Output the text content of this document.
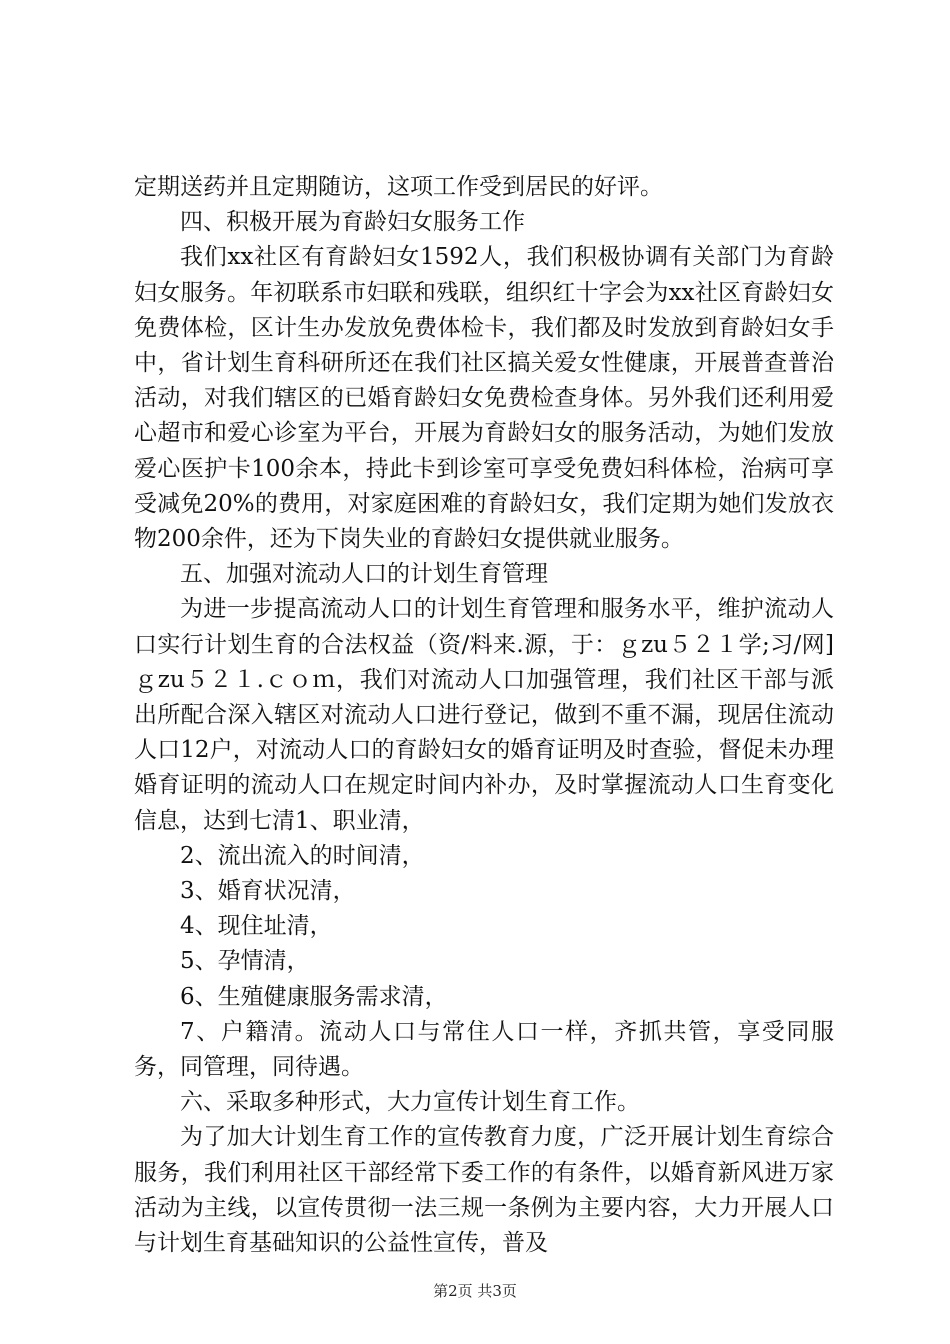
定期送药并且定期随访，这项工作受到居民的好评。

四、积极开展为育龄妇女服务工作

我们xx社区有育龄妇女1592人，我们积极协调有关部门为育龄妇女服务。年初联系市妇联和残联，组织红十字会为xx社区育龄妇女免费体检，区计生办发放免费体检卡，我们都及时发放到育龄妇女手中，省计划生育科研所还在我们社区搞关爱女性健康，开展普查普治活动，对我们辖区的已婚育龄妇女免费检查身体。另外我们还利用爱心超市和爱心诊室为平台，开展为育龄妇女的服务活动，为她们发放爱心医护卡100余本，持此卡到诊室可享受免费妇科体检，治病可享受减免20%的费用，对家庭困难的育龄妇女，我们定期为她们发放衣物200余件，还为下岗失业的育龄妇女提供就业服务。

五、加强对流动人口的计划生育管理

为进一步提高流动人口的计划生育管理和服务水平，维护流动人口实行计划生育的合法权益（资/料来.源，于：ｇzu５２１学;习/网]ｇzu５２１.ｃｏｍ，我们对流动人口加强管理，我们社区干部与派出所配合深入辖区对流动人口进行登记，做到不重不漏，现居住流动人口12户，对流动人口的育龄妇女的婚育证明及时查验，督促未办理婚育证明的流动人口在规定时间内补办，及时掌握流动人口生育变化信息，达到七清1、职业清，

2、流出流入的时间清，

3、婚育状况清，

4、现住址清，

5、孕情清，

6、生殖健康服务需求清，

7、户籍清。流动人口与常住人口一样，齐抓共管，享受同服务，同管理，同待遇。

六、采取多种形式，大力宣传计划生育工作。

为了加大计划生育工作的宣传教育力度，广泛开展计划生育综合服务，我们利用社区干部经常下委工作的有条件，以婚育新风进万家活动为主线，以宣传贯彻一法三规一条例为主要内容，大力开展人口与计划生育基础知识的公益性宣传，普及

第2页 共3页
